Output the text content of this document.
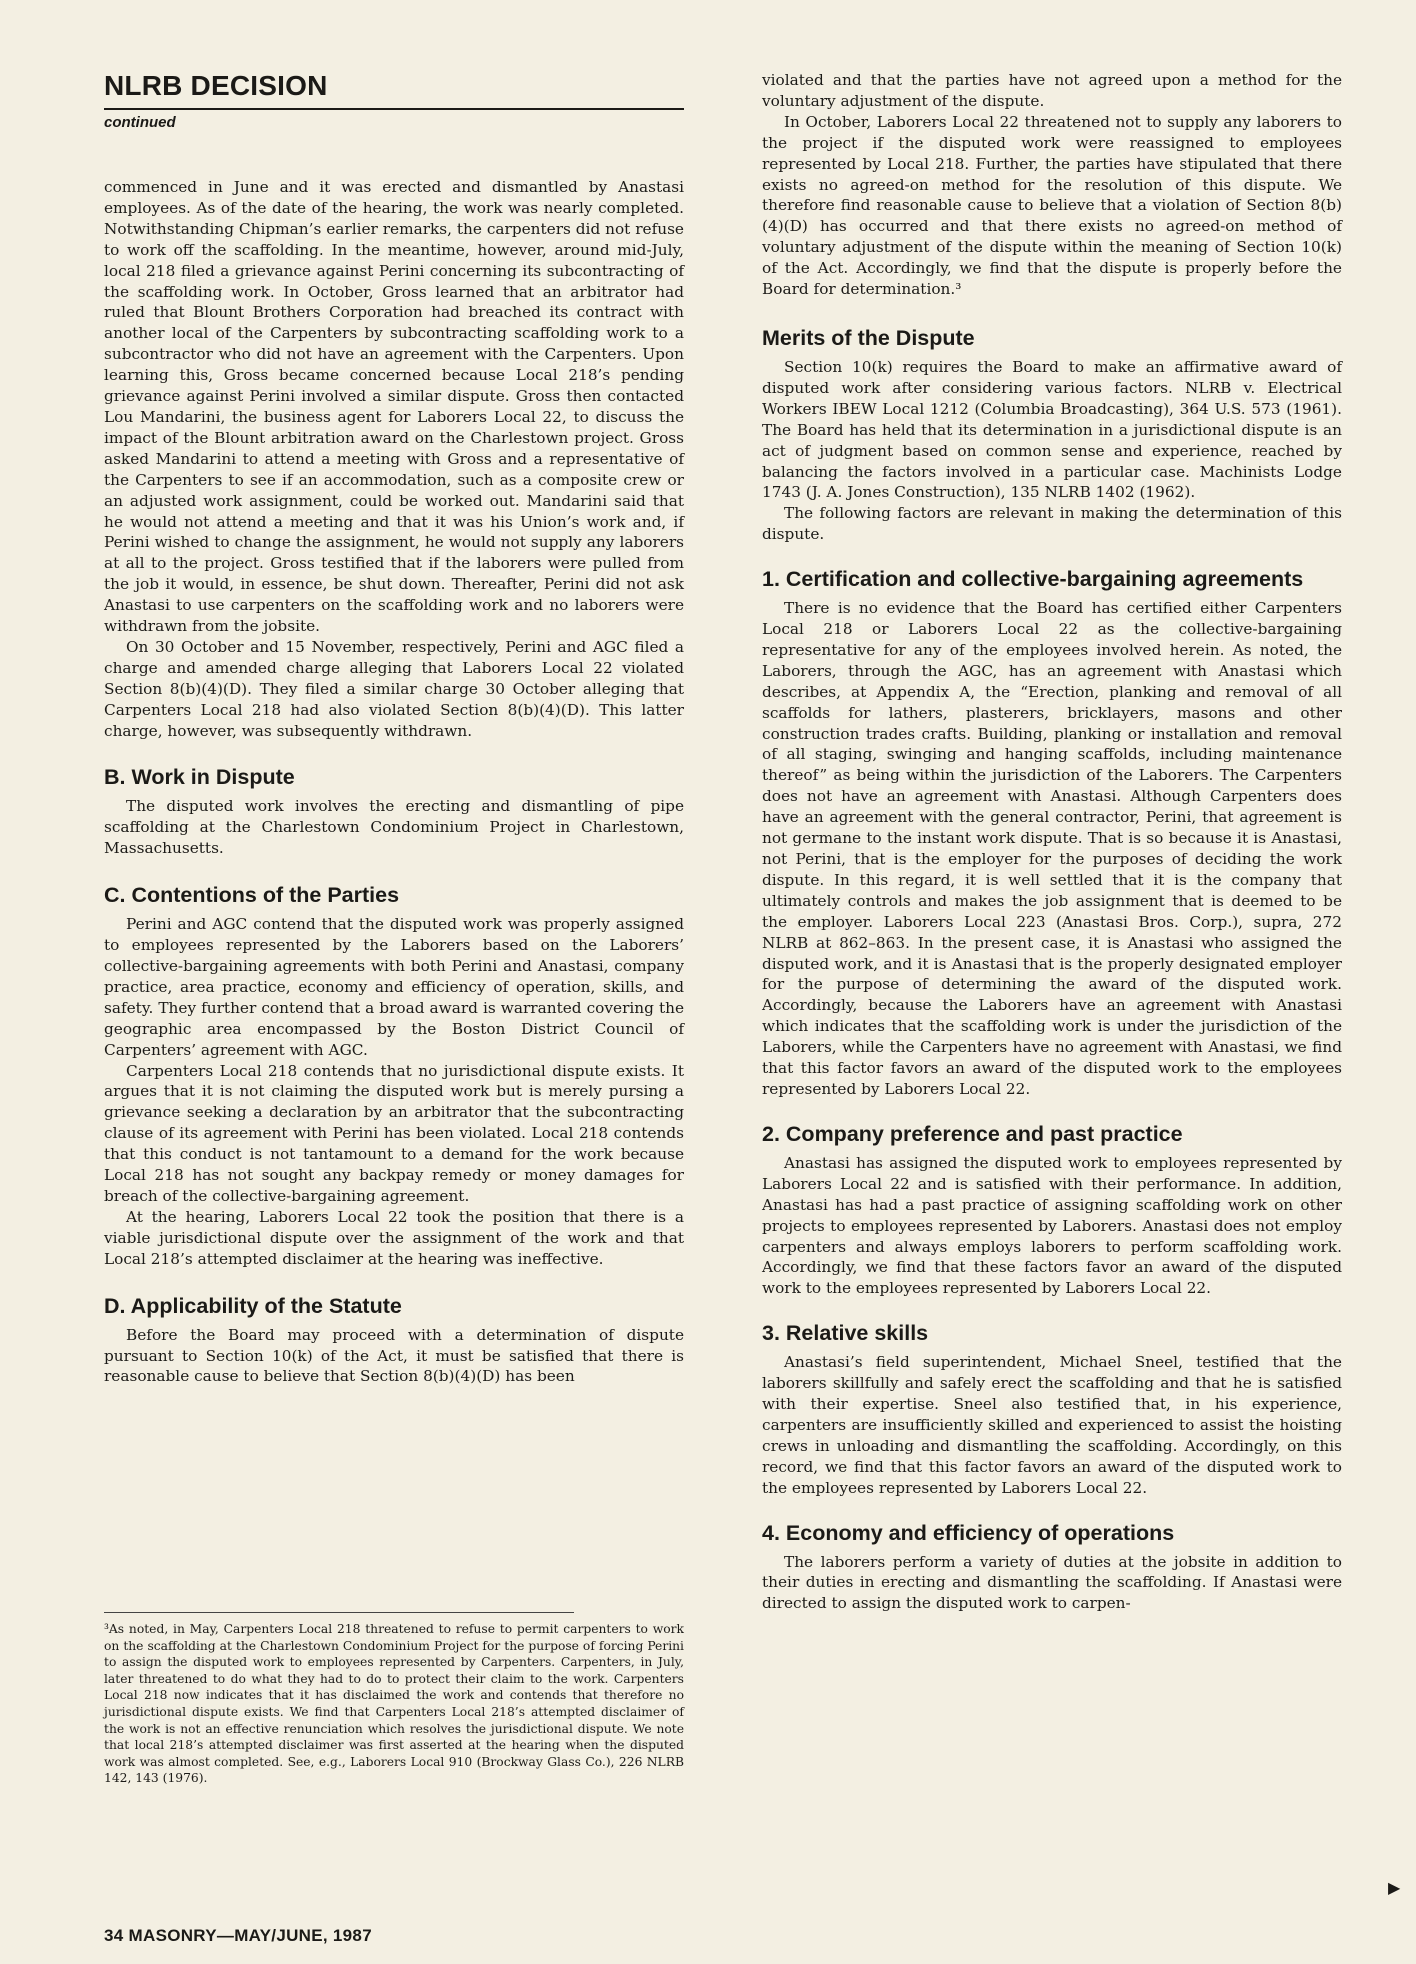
NLRB DECISION
continued

commenced in June and it was erected and dismantled by Anastasi employees. As of the date of the hearing, the work was nearly completed. Notwithstanding Chipman’s earlier remarks, the carpenters did not refuse to work off the scaffolding. In the meantime, however, around mid-July, local 218 filed a grievance against Perini concerning its subcontracting of the scaffolding work. In October, Gross learned that an arbitrator had ruled that Blount Brothers Corporation had breached its contract with another local of the Carpenters by subcontracting scaffolding work to a subcontractor who did not have an agreement with the Carpenters. Upon learning this, Gross became concerned because Local 218’s pending grievance against Perini involved a similar dispute. Gross then contacted Lou Mandarini, the business agent for Laborers Local 22, to discuss the impact of the Blount arbitration award on the Charlestown project. Gross asked Mandarini to attend a meeting with Gross and a representative of the Carpenters to see if an accommodation, such as a composite crew or an adjusted work assignment, could be worked out. Mandarini said that he would not attend a meeting and that it was his Union’s work and, if Perini wished to change the assignment, he would not supply any laborers at all to the project. Gross testified that if the laborers were pulled from the job it would, in essence, be shut down. Thereafter, Perini did not ask Anastasi to use carpenters on the scaffolding work and no laborers were withdrawn from the jobsite.

On 30 October and 15 November, respectively, Perini and AGC filed a charge and amended charge alleging that Laborers Local 22 violated Section 8(b)(4)(D). They filed a similar charge 30 October alleging that Carpenters Local 218 had also violated Section 8(b)(4)(D). This latter charge, however, was subsequently withdrawn.

B. Work in Dispute

The disputed work involves the erecting and dismantling of pipe scaffolding at the Charlestown Condominium Project in Charlestown, Massachusetts.

C. Contentions of the Parties

Perini and AGC contend that the disputed work was properly assigned to employees represented by the Laborers based on the Laborers’ collective-bargaining agreements with both Perini and Anastasi, company practice, area practice, economy and efficiency of operation, skills, and safety. They further contend that a broad award is warranted covering the geographic area encompassed by the Boston District Council of Carpenters’ agreement with AGC.

Carpenters Local 218 contends that no jurisdictional dispute exists. It argues that it is not claiming the disputed work but is merely pursing a grievance seeking a declaration by an arbitrator that the subcontracting clause of its agreement with Perini has been violated. Local 218 contends that this conduct is not tantamount to a demand for the work because Local 218 has not sought any backpay remedy or money damages for breach of the collective-bargaining agreement.

At the hearing, Laborers Local 22 took the position that there is a viable jurisdictional dispute over the assignment of the work and that Local 218’s attempted disclaimer at the hearing was ineffective.

D. Applicability of the Statute

Before the Board may proceed with a determination of dispute pursuant to Section 10(k) of the Act, it must be satisfied that there is reasonable cause to believe that Section 8(b)(4)(D) has been

³As noted, in May, Carpenters Local 218 threatened to refuse to permit carpenters to work on the scaffolding at the Charlestown Condominium Project for the purpose of forcing Perini to assign the disputed work to employees represented by Carpenters. Carpenters, in July, later threatened to do what they had to do to protect their claim to the work. Carpenters Local 218 now indicates that it has disclaimed the work and contends that therefore no jurisdictional dispute exists. We find that Carpenters Local 218’s attempted disclaimer of the work is not an effective renunciation which resolves the jurisdictional dispute. We note that local 218’s attempted disclaimer was first asserted at the hearing when the disputed work was almost completed. See, e.g., Laborers Local 910 (Brockway Glass Co.), 226 NLRB 142, 143 (1976).

violated and that the parties have not agreed upon a method for the voluntary adjustment of the dispute.

In October, Laborers Local 22 threatened not to supply any laborers to the project if the disputed work were reassigned to employees represented by Local 218. Further, the parties have stipulated that there exists no agreed-on method for the resolution of this dispute. We therefore find reasonable cause to believe that a violation of Section 8(b)(4)(D) has occurred and that there exists no agreed-on method of voluntary adjustment of the dispute within the meaning of Section 10(k) of the Act. Accordingly, we find that the dispute is properly before the Board for determination.³

Merits of the Dispute

Section 10(k) requires the Board to make an affirmative award of disputed work after considering various factors. NLRB v. Electrical Workers IBEW Local 1212 (Columbia Broadcasting), 364 U.S. 573 (1961). The Board has held that its determination in a jurisdictional dispute is an act of judgment based on common sense and experience, reached by balancing the factors involved in a particular case. Machinists Lodge 1743 (J. A. Jones Construction), 135 NLRB 1402 (1962).

The following factors are relevant in making the determination of this dispute.

1. Certification and collective-bargaining agreements

There is no evidence that the Board has certified either Carpenters Local 218 or Laborers Local 22 as the collective-bargaining representative for any of the employees involved herein. As noted, the Laborers, through the AGC, has an agreement with Anastasi which describes, at Appendix A, the “Erection, planking and removal of all scaffolds for lathers, plasterers, bricklayers, masons and other construction trades crafts. Building, planking or installation and removal of all staging, swinging and hanging scaffolds, including maintenance thereof” as being within the jurisdiction of the Laborers. The Carpenters does not have an agreement with Anastasi. Although Carpenters does have an agreement with the general contractor, Perini, that agreement is not germane to the instant work dispute. That is so because it is Anastasi, not Perini, that is the employer for the purposes of deciding the work dispute. In this regard, it is well settled that it is the company that ultimately controls and makes the job assignment that is deemed to be the employer. Laborers Local 223 (Anastasi Bros. Corp.), supra, 272 NLRB at 862–863. In the present case, it is Anastasi who assigned the disputed work, and it is Anastasi that is the properly designated employer for the purpose of determining the award of the disputed work. Accordingly, because the Laborers have an agreement with Anastasi which indicates that the scaffolding work is under the jurisdiction of the Laborers, while the Carpenters have no agreement with Anastasi, we find that this factor favors an award of the disputed work to the employees represented by Laborers Local 22.

2. Company preference and past practice

Anastasi has assigned the disputed work to employees represented by Laborers Local 22 and is satisfied with their performance. In addition, Anastasi has had a past practice of assigning scaffolding work on other projects to employees represented by Laborers. Anastasi does not employ carpenters and always employs laborers to perform scaffolding work. Accordingly, we find that these factors favor an award of the disputed work to the employees represented by Laborers Local 22.

3. Relative skills

Anastasi’s field superintendent, Michael Sneel, testified that the laborers skillfully and safely erect the scaffolding and that he is satisfied with their expertise. Sneel also testified that, in his experience, carpenters are insufficiently skilled and experienced to assist the hoisting crews in unloading and dismantling the scaffolding. Accordingly, on this record, we find that this factor favors an award of the disputed work to the employees represented by Laborers Local 22.

4. Economy and efficiency of operations

The laborers perform a variety of duties at the jobsite in addition to their duties in erecting and dismantling the scaffolding. If Anastasi were directed to assign the disputed work to carpen-

▶
34 MASONRY—MAY/JUNE, 1987
